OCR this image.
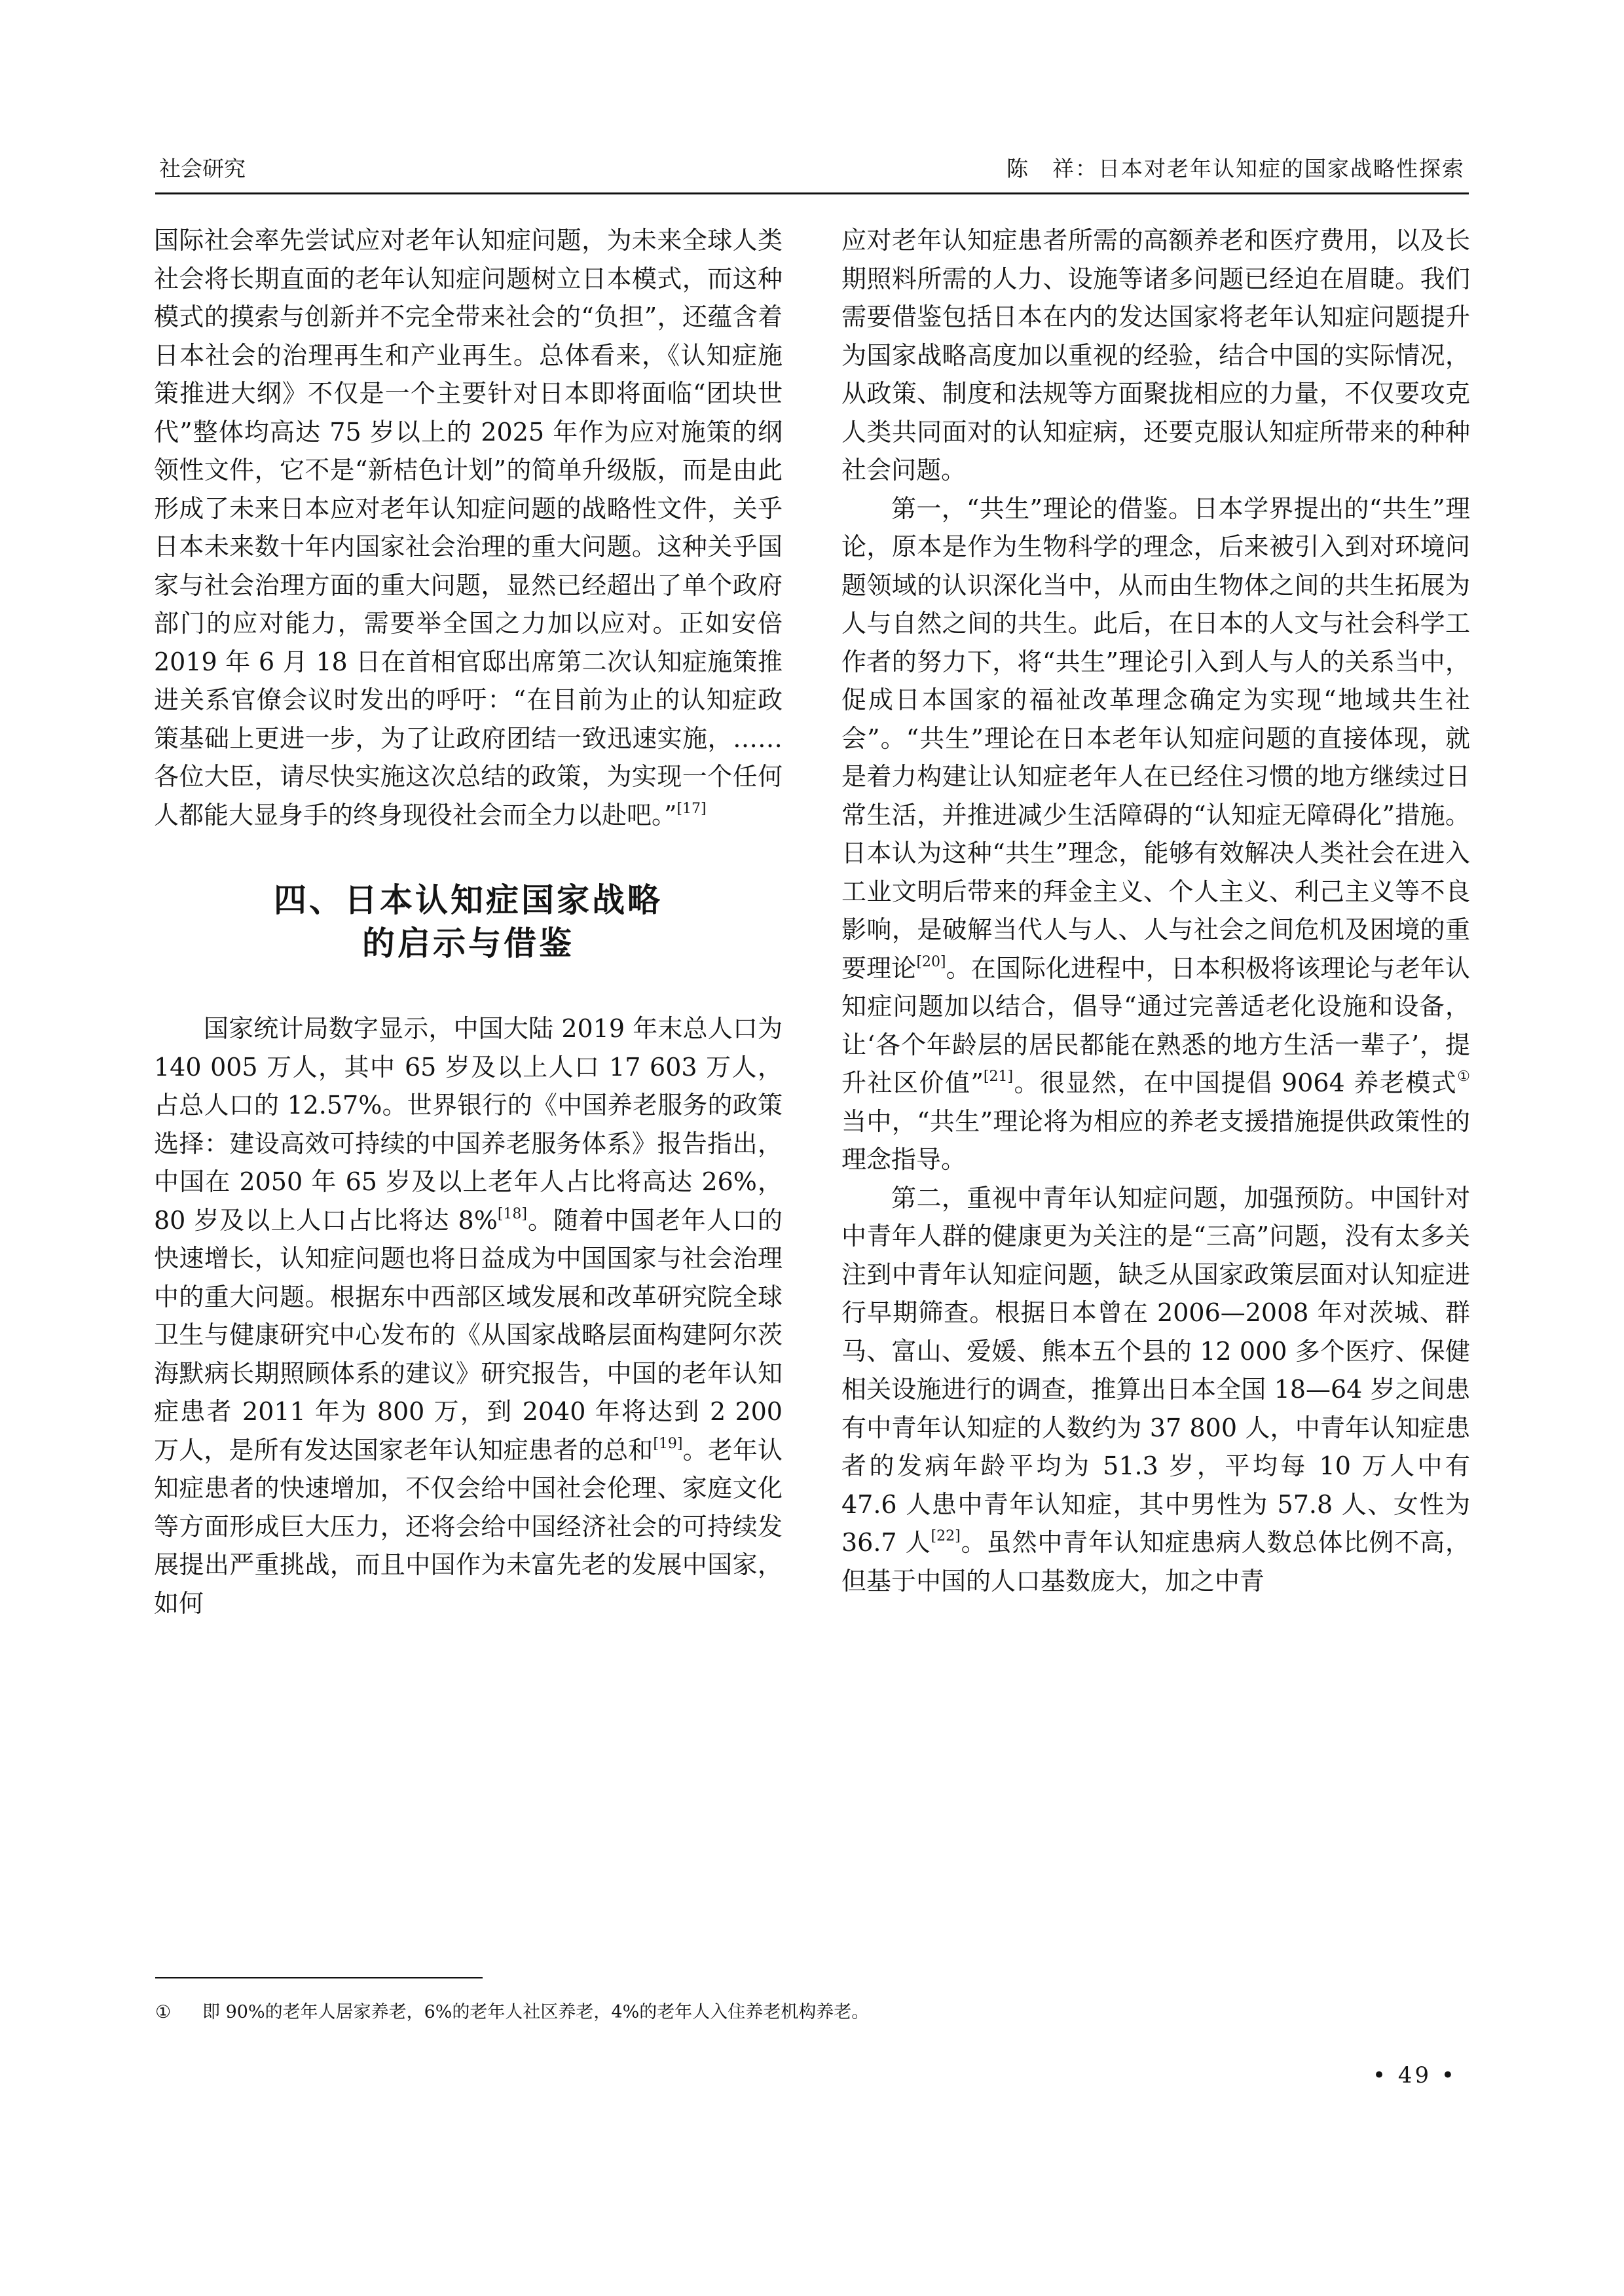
社会研究	陈　祥：日本对老年认知症的国家战略性探索

国际社会率先尝试应对老年认知症问题，为未来全球人类社会将长期直面的老年认知症问题树立日本模式，而这种模式的摸索与创新并不完全带来社会的“负担”，还蕴含着日本社会的治理再生和产业再生。总体看来，《认知症施策推进大纲》不仅是一个主要针对日本即将面临“团块世代”整体均高达 75 岁以上的 2025 年作为应对施策的纲领性文件，它不是“新桔色计划”的简单升级版，而是由此形成了未来日本应对老年认知症问题的战略性文件，关乎日本未来数十年内国家社会治理的重大问题。这种关乎国家与社会治理方面的重大问题，显然已经超出了单个政府部门的应对能力，需要举全国之力加以应对。正如安倍 2019 年 6 月 18 日在首相官邸出席第二次认知症施策推进关系官僚会议时发出的呼吁：“在目前为止的认知症政策基础上更进一步，为了让政府团结一致迅速实施，……各位大臣，请尽快实施这次总结的政策，为实现一个任何人都能大显身手的终身现役社会而全力以赴吧。”[17]

四、日本认知症国家战略
的启示与借鉴

国家统计局数字显示，中国大陆 2019 年末总人口为 140 005 万人，其中 65 岁及以上人口 17 603 万人，占总人口的 12.57%。世界银行的《中国养老服务的政策选择：建设高效可持续的中国养老服务体系》报告指出，中国在 2050 年 65 岁及以上老年人占比将高达 26%，80 岁及以上人口占比将达 8%[18]。随着中国老年人口的快速增长，认知症问题也将日益成为中国国家与社会治理中的重大问题。根据东中西部区域发展和改革研究院全球卫生与健康研究中心发布的《从国家战略层面构建阿尔茨海默病长期照顾体系的建议》研究报告，中国的老年认知症患者 2011 年为 800 万，到 2040 年将达到 2 200 万人，是所有发达国家老年认知症患者的总和[19]。老年认知症患者的快速增加，不仅会给中国社会伦理、家庭文化等方面形成巨大压力，还将会给中国经济社会的可持续发展提出严重挑战，而且中国作为未富先老的发展中国家，如何

应对老年认知症患者所需的高额养老和医疗费用，以及长期照料所需的人力、设施等诸多问题已经迫在眉睫。我们需要借鉴包括日本在内的发达国家将老年认知症问题提升为国家战略高度加以重视的经验，结合中国的实际情况，从政策、制度和法规等方面聚拢相应的力量，不仅要攻克人类共同面对的认知症病，还要克服认知症所带来的种种社会问题。

第一，“共生”理论的借鉴。日本学界提出的“共生”理论，原本是作为生物科学的理念，后来被引入到对环境问题领域的认识深化当中，从而由生物体之间的共生拓展为人与自然之间的共生。此后，在日本的人文与社会科学工作者的努力下，将“共生”理论引入到人与人的关系当中，促成日本国家的福祉改革理念确定为实现“地域共生社会”。“共生”理论在日本老年认知症问题的直接体现，就是着力构建让认知症老年人在已经住习惯的地方继续过日常生活，并推进减少生活障碍的“认知症无障碍化”措施。日本认为这种“共生”理念，能够有效解决人类社会在进入工业文明后带来的拜金主义、个人主义、利己主义等不良影响，是破解当代人与人、人与社会之间危机及困境的重要理论[20]。在国际化进程中，日本积极将该理论与老年认知症问题加以结合，倡导“通过完善适老化设施和设备，让‘各个年龄层的居民都能在熟悉的地方生活一辈子’，提升社区价值”[21]。很显然，在中国提倡 9064 养老模式①当中，“共生”理论将为相应的养老支援措施提供政策性的理念指导。

第二，重视中青年认知症问题，加强预防。中国针对中青年人群的健康更为关注的是“三高”问题，没有太多关注到中青年认知症问题，缺乏从国家政策层面对认知症进行早期筛查。根据日本曾在 2006—2008 年对茨城、群马、富山、爱媛、熊本五个县的 12 000 多个医疗、保健相关设施进行的调查，推算出日本全国 18—64 岁之间患有中青年认知症的人数约为 37 800 人，中青年认知症患者的发病年龄平均为 51.3 岁，平均每 10 万人中有 47.6 人患中青年认知症，其中男性为 57.8 人、女性为 36.7 人[22]。虽然中青年认知症患病人数总体比例不高，但基于中国的人口基数庞大，加之中青

① 即 90%的老年人居家养老，6%的老年人社区养老，4%的老年人入住养老机构养老。
• 49 •
